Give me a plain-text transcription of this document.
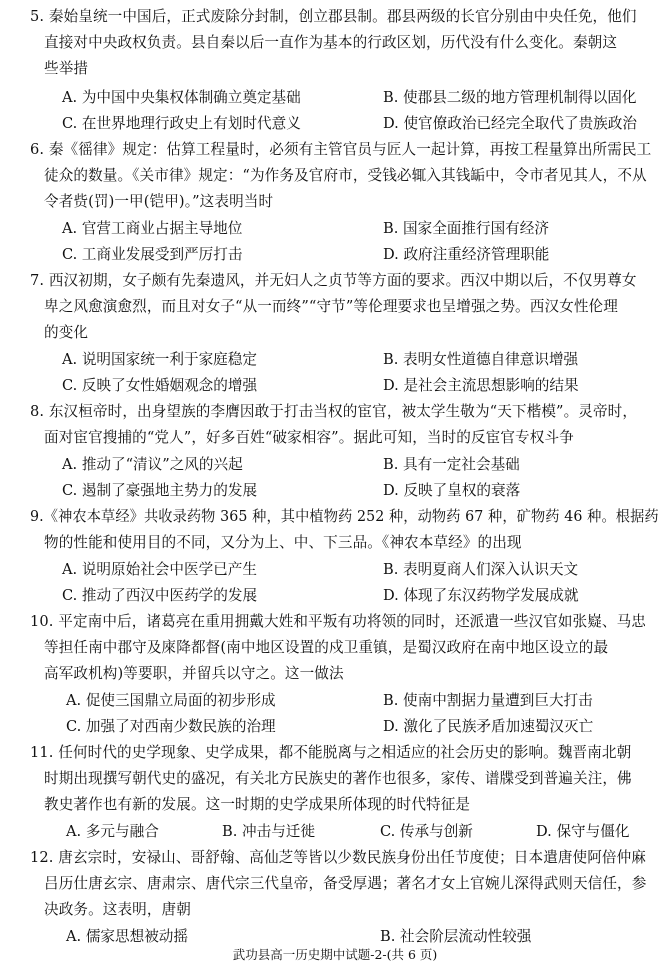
5. 秦始皇统一中国后，正式废除分封制，创立郡县制。郡县两级的长官分别由中央任免，他们
直接对中央政权负责。县自秦以后一直作为基本的行政区划，历代没有什么变化。秦朝这
些举措
A. 为中国中央集权体制确立奠定基础	B. 使郡县二级的地方管理机制得以固化
C. 在世界地理行政史上有划时代意义	D. 使官僚政治已经完全取代了贵族政治
6. 秦《徭律》规定：估算工程量时，必须有主管官员与匠人一起计算，再按工程量算出所需民工
徒众的数量。《关市律》规定：“为作务及官府市，受钱必辄入其钱缿中，令市者见其人，不从
令者赀(罚)一甲(铠甲)。”这表明当时
A. 官营工商业占据主导地位	B. 国家全面推行国有经济
C. 工商业发展受到严厉打击	D. 政府注重经济管理职能
7. 西汉初期，女子颇有先秦遗风，并无妇人之贞节等方面的要求。西汉中期以后，不仅男尊女
卑之风愈演愈烈，而且对女子“从一而终”“守节”等伦理要求也呈增强之势。西汉女性伦理
的变化
A. 说明国家统一利于家庭稳定	B. 表明女性道德自律意识增强
C. 反映了女性婚姻观念的增强	D. 是社会主流思想影响的结果
8. 东汉桓帝时，出身望族的李膺因敢于打击当权的宦官，被太学生敬为“天下楷模”。灵帝时，
面对宦官搜捕的“党人”，好多百姓“破家相容”。据此可知，当时的反宦官专权斗争
A. 推动了“清议”之风的兴起	B. 具有一定社会基础
C. 遏制了豪强地主势力的发展	D. 反映了皇权的衰落
9.《神农本草经》共收录药物 365 种，其中植物药 252 种，动物药 67 种，矿物药 46 种。根据药
物的性能和使用目的不同，又分为上、中、下三品。《神农本草经》的出现
A. 说明原始社会中医学已产生	B. 表明夏商人们深入认识天文
C. 推动了西汉中医药学的发展	D. 体现了东汉药物学发展成就
10. 平定南中后，诸葛亮在重用拥戴大姓和平叛有功将领的同时，还派遣一些汉官如张嶷、马忠
等担任南中郡守及庲降都督(南中地区设置的戍卫重镇，是蜀汉政府在南中地区设立的最
高军政机构)等要职，并留兵以守之。这一做法
A. 促使三国鼎立局面的初步形成	B. 使南中割据力量遭到巨大打击
C. 加强了对西南少数民族的治理	D. 激化了民族矛盾加速蜀汉灭亡
11. 任何时代的史学现象、史学成果，都不能脱离与之相适应的社会历史的影响。魏晋南北朝
时期出现撰写朝代史的盛况，有关北方民族史的著作也很多，家传、谱牒受到普遍关注，佛
教史著作也有新的发展。这一时期的史学成果所体现的时代特征是
A. 多元与融合	B. 冲击与迁徙	C. 传承与创新	D. 保守与僵化
12. 唐玄宗时，安禄山、哥舒翰、高仙芝等皆以少数民族身份出任节度使；日本遣唐使阿倍仲麻
吕历仕唐玄宗、唐肃宗、唐代宗三代皇帝，备受厚遇；著名才女上官婉儿深得武则天信任，参
决政务。这表明，唐朝
A. 儒家思想被动摇	B. 社会阶层流动性较强
武功县高一历史期中试题-2-(共 6 页)
